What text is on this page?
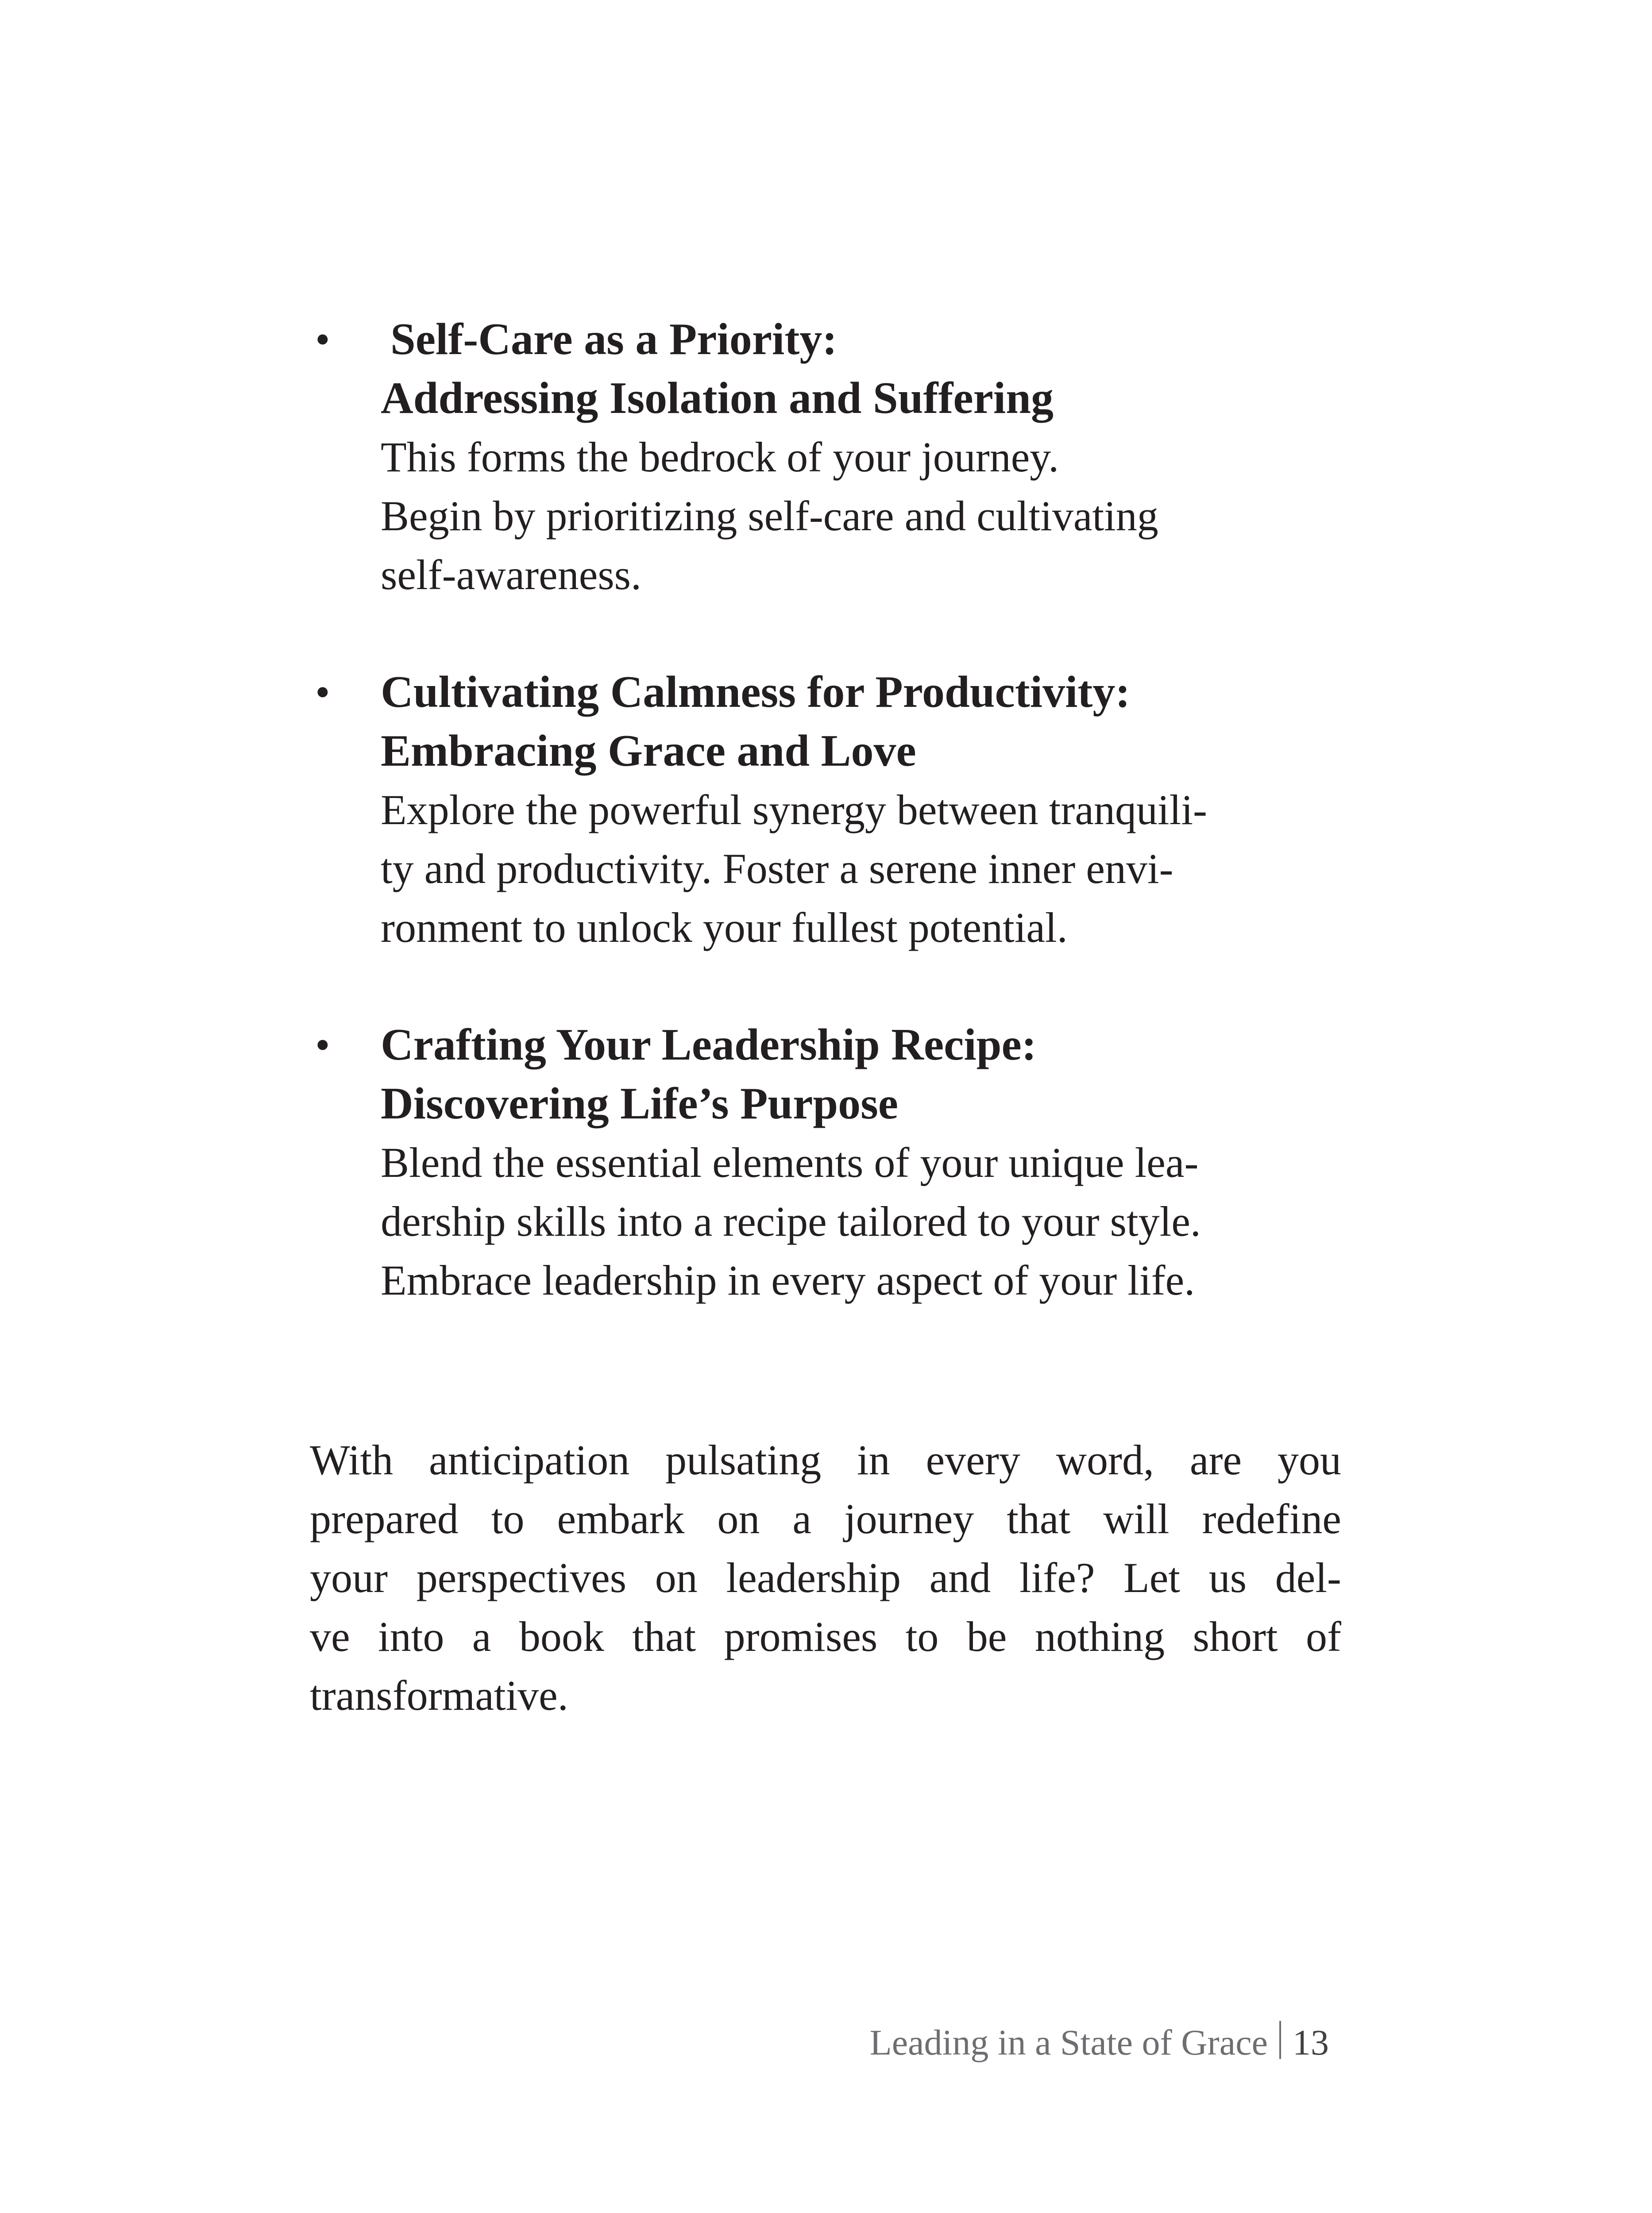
• Self-Care as a Priority:
Addressing Isolation and Suffering
This forms the bedrock of your journey.
Begin by prioritizing self-care and cultivating
self-awareness.
• Cultivating Calmness for Productivity:
Embracing Grace and Love
Explore the powerful synergy between tranquili-
ty and productivity. Foster a serene inner envi-
ronment to unlock your fullest potential.
• Crafting Your Leadership Recipe:
Discovering Life’s Purpose
Blend the essential elements of your unique lea-
dership skills into a recipe tailored to your style.
Embrace leadership in every aspect of your life.
With anticipation pulsating in every word, are you
prepared to embark on a journey that will redefine
your perspectives on leadership and life? Let us del-
ve into a book that promises to be nothing short of
transformative.
Leading in a State of Grace 13
